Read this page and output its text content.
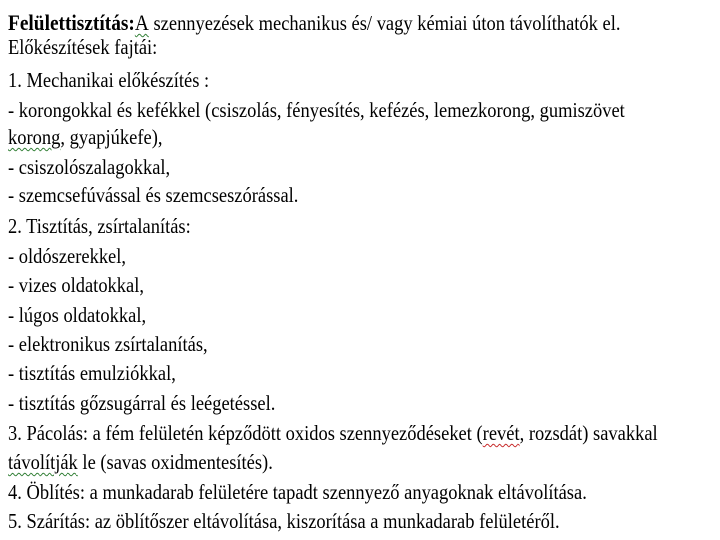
Felülettisztítás:A szennyezések mechanikus és/ vagy kémiai úton távolíthatók el.
Előkészítések fajtái:
1. Mechanikai előkészítés :
- korongokkal és kefékkel (csiszolás, fényesítés, kefézés, lemezkorong, gumiszövet
korong, gyapjúkefe),
- csiszolószalagokkal,
- szemcsefúvással és szemcseszórással.
2. Tisztítás, zsírtalanítás:
- oldószerekkel,
- vizes oldatokkal,
- lúgos oldatokkal,
- elektronikus zsírtalanítás,
- tisztítás emulziókkal,
- tisztítás gőzsugárral és leégetéssel.
3. Pácolás: a fém felületén képződött oxidos szennyeződéseket (revét, rozsdát) savakkal
távolítják le (savas oxidmentesítés).
4. Öblítés: a munkadarab felületére tapadt szennyező anyagoknak eltávolítása.
5. Szárítás: az öblítőszer eltávolítása, kiszorítása a munkadarab felületéről.
